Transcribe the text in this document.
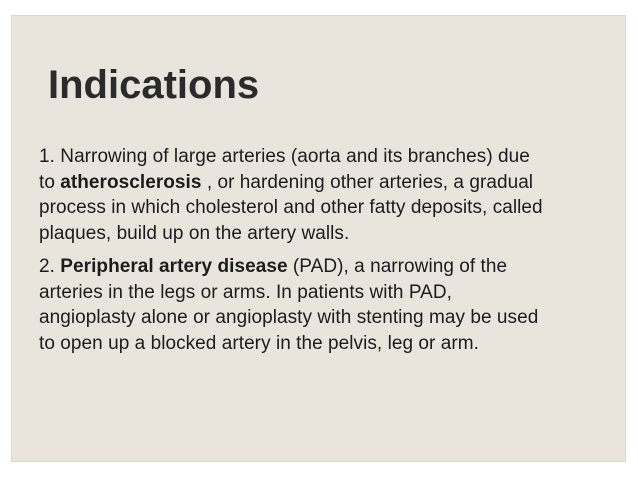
Indications

1. Narrowing of large arteries (aorta and its branches) due
to atherosclerosis , or hardening other arteries, a gradual
process in which cholesterol and other fatty deposits, called
plaques, build up on the artery walls.

2. Peripheral artery disease (PAD), a narrowing of the
arteries in the legs or arms. In patients with PAD,
angioplasty alone or angioplasty with stenting may be used
to open up a blocked artery in the pelvis, leg or arm.
